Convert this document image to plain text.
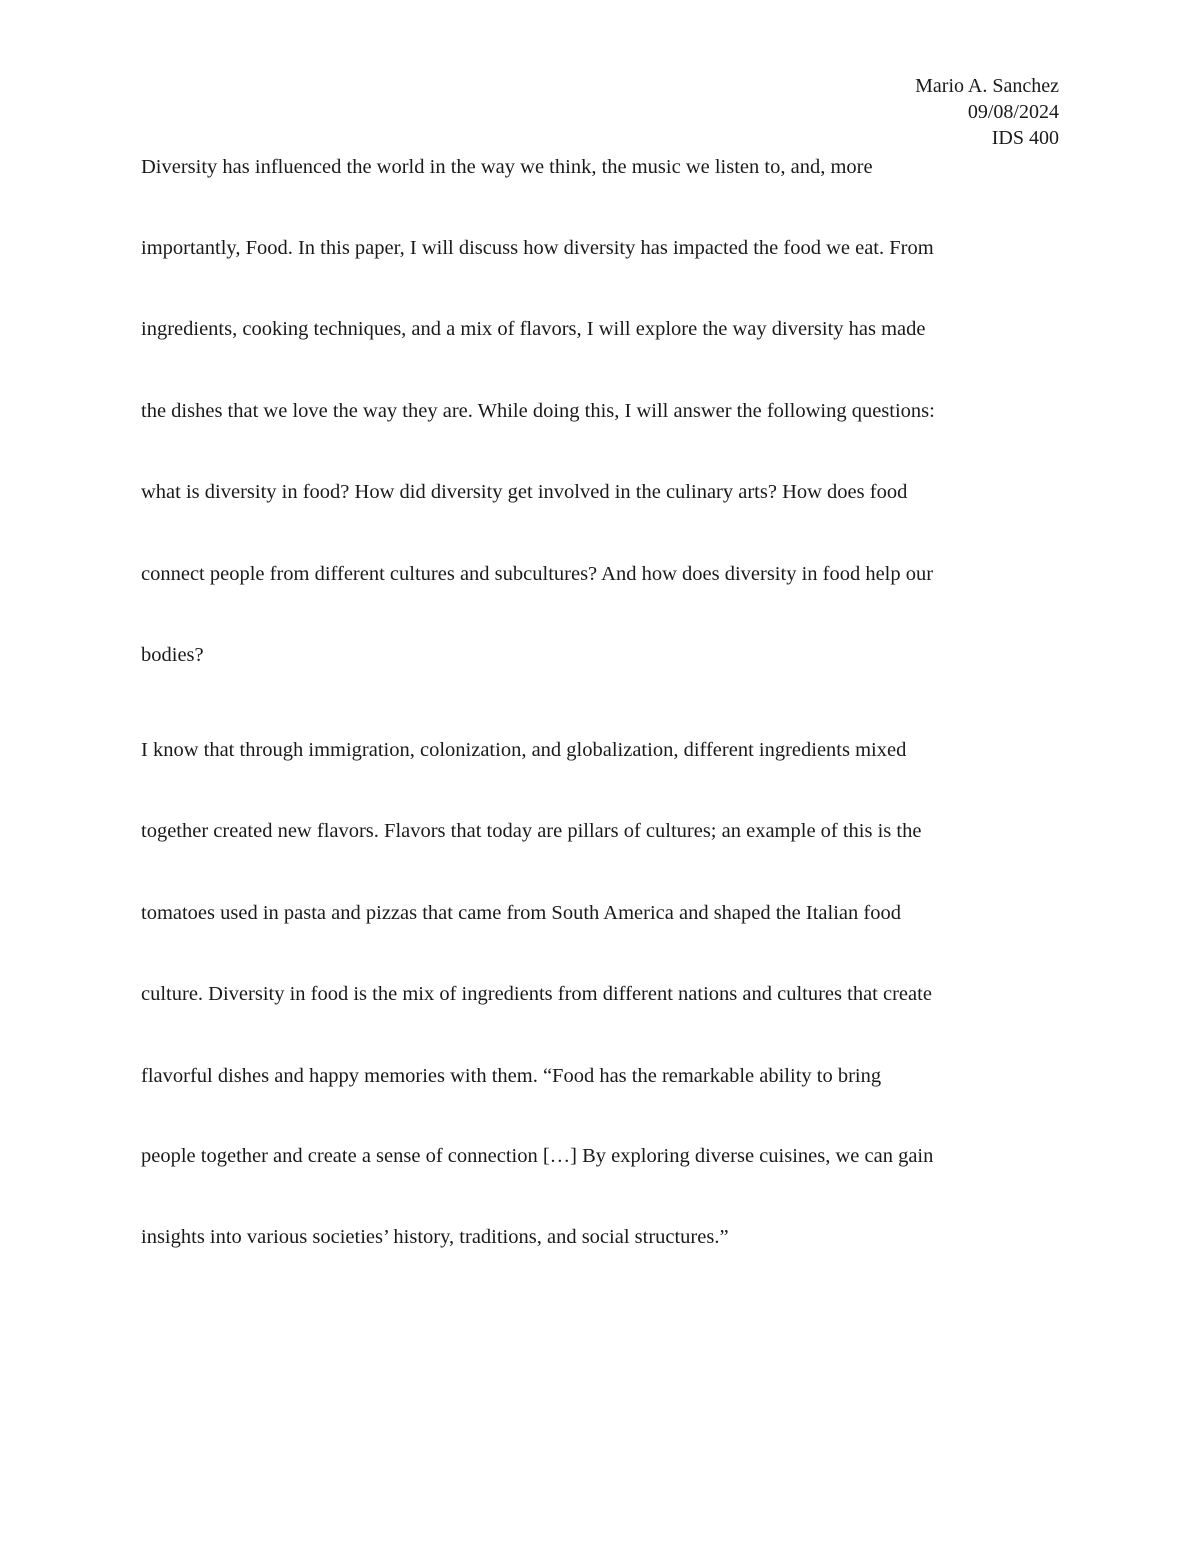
Mario A. Sanchez
09/08/2024
IDS 400
Diversity has influenced the world in the way we think, the music we listen to, and, more
importantly, Food. In this paper, I will discuss how diversity has impacted the food we eat. From
ingredients, cooking techniques, and a mix of flavors, I will explore the way diversity has made
the dishes that we love the way they are. While doing this, I will answer the following questions:
what is diversity in food? How did diversity get involved in the culinary arts? How does food
connect people from different cultures and subcultures? And how does diversity in food help our
bodies?
I know that through immigration, colonization, and globalization, different ingredients mixed
together created new flavors. Flavors that today are pillars of cultures; an example of this is the
tomatoes used in pasta and pizzas that came from South America and shaped the Italian food
culture. Diversity in food is the mix of ingredients from different nations and cultures that create
flavorful dishes and happy memories with them. “Food has the remarkable ability to bring
people together and create a sense of connection […] By exploring diverse cuisines, we can gain
insights into various societies’ history, traditions, and social structures.”
